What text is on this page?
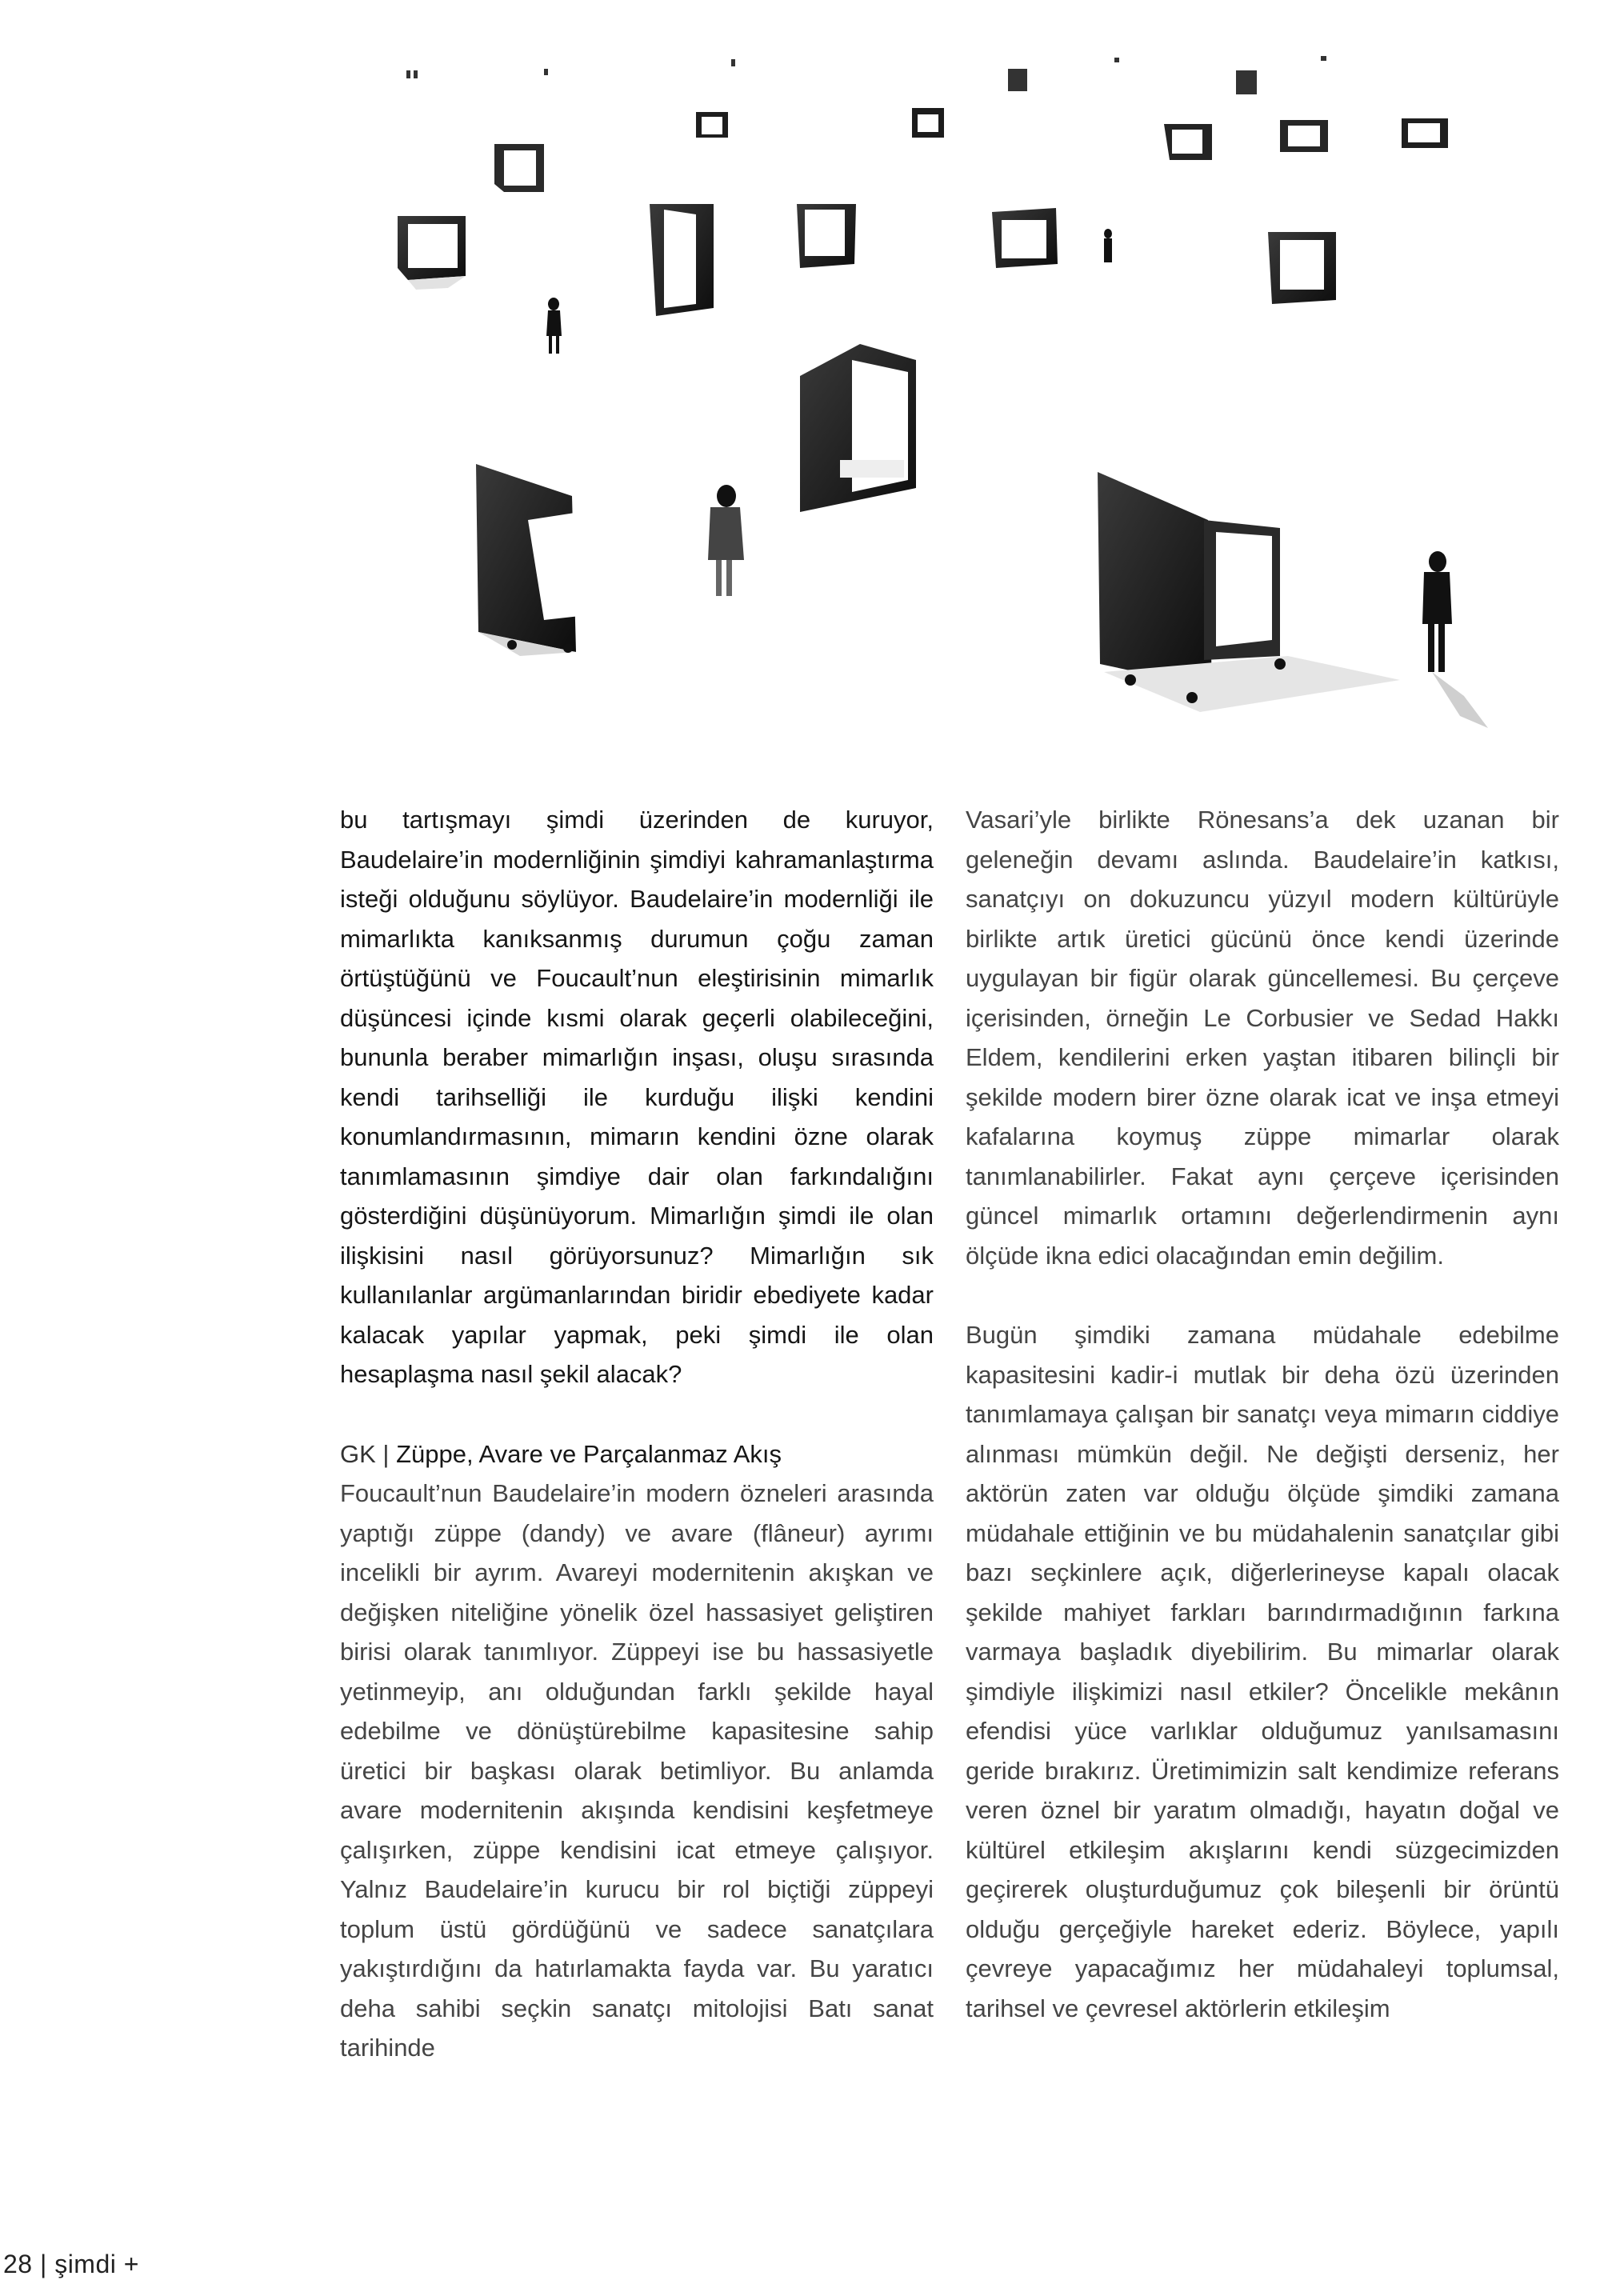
bu tartışmayı şimdi üzerinden de kuruyor, Baudelaire’in modernliğinin şimdiyi kahramanlaştırma isteği olduğunu söylüyor. Baudelaire’in modernliği ile mimarlıkta kanıksanmış durumun çoğu zaman örtüştüğünü ve Foucault’nun eleştirisinin mimarlık düşüncesi içinde kısmi olarak geçerli olabileceğini, bununla beraber mimarlığın inşası, oluşu sırasında kendi tarihselliği ile kurduğu ilişki kendini konumlandırmasının, mimarın kendini özne olarak tanımlamasının şimdiye dair olan farkındalığını gösterdiğini düşünüyorum. Mimarlığın şimdi ile olan ilişkisini nasıl görüyorsunuz? Mimarlığın sık kullanılanlar argümanlarından biridir ebediyete kadar kalacak yapılar yapmak, peki şimdi ile olan hesaplaşma nasıl şekil alacak?

GK | Züppe, Avare ve Parçalanmaz Akış

Foucault’nun Baudelaire’in modern özneleri arasında yaptığı züppe (dandy) ve avare (flâneur) ayrımı incelikli bir ayrım. Avareyi modernitenin akışkan ve değişken niteliğine yönelik özel hassasiyet geliştiren birisi olarak tanımlıyor. Züppeyi ise bu hassasiyetle yetinmeyip, anı olduğundan farklı şekilde hayal edebilme ve dönüştürebilme kapasitesine sahip üretici bir başkası olarak betimliyor. Bu anlamda avare modernitenin akışında kendisini keşfetmeye çalışırken, züppe kendisini icat etmeye çalışıyor. Yalnız Baudelaire’in kurucu bir rol biçtiği züppeyi toplum üstü gördüğünü ve sadece sanatçılara yakıştırdığını da hatırlamakta fayda var. Bu yaratıcı deha sahibi seçkin sanatçı mitolojisi Batı sanat tarihinde

Vasari’yle birlikte Rönesans’a dek uzanan bir geleneğin devamı aslında. Baudelaire’in katkısı, sanatçıyı on dokuzuncu yüzyıl modern kültürüyle birlikte artık üretici gücünü önce kendi üzerinde uygulayan bir figür olarak güncellemesi. Bu çerçeve içerisinden, örneğin Le Corbusier ve Sedad Hakkı Eldem, kendilerini erken yaştan itibaren bilinçli bir şekilde modern birer özne olarak icat ve inşa etmeyi kafalarına koymuş züppe mimarlar olarak tanımlanabilirler. Fakat aynı çerçeve içerisinden güncel mimarlık ortamını değerlendirmenin aynı ölçüde ikna edici olacağından emin değilim.

Bugün şimdiki zamana müdahale edebilme kapasitesini kadir-i mutlak bir deha özü üzerinden tanımlamaya çalışan bir sanatçı veya mimarın ciddiye alınması mümkün değil. Ne değişti derseniz, her aktörün zaten var olduğu ölçüde şimdiki zamana müdahale ettiğinin ve bu müdahalenin sanatçılar gibi bazı seçkinlere açık, diğerlerineyse kapalı olacak şekilde mahiyet farkları barındırmadığının farkına varmaya başladık diyebilirim. Bu mimarlar olarak şimdiyle ilişkimizi nasıl etkiler? Öncelikle mekânın efendisi yüce varlıklar olduğumuz yanılsamasını geride bırakırız. Üretimimizin salt kendimize referans veren öznel bir yaratım olmadığı, hayatın doğal ve kültürel etkileşim akışlarını kendi süzgecimizden geçirerek oluşturduğumuz çok bileşenli bir örüntü olduğu gerçeğiyle hareket ederiz. Böylece, yapılı çevreye yapacağımız her müdahaleyi toplumsal, tarihsel ve çevresel aktörlerin etkileşim

28 | şimdi +
